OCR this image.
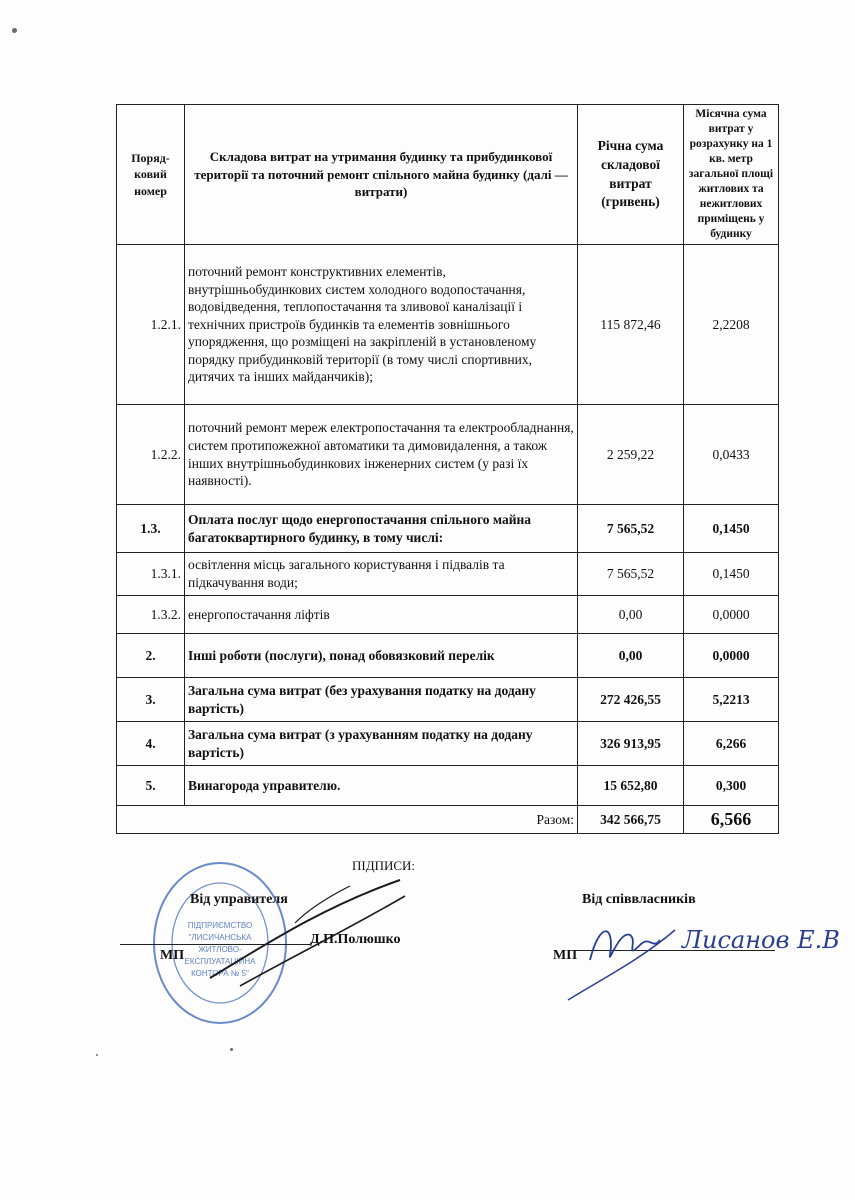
Поряд-ковий номер	Складова витрат на утримання будинку та прибудинкової території та поточний ремонт спільного майна будинку (далі — витрати)	Річна сума складової витрат (гривень)	Місячна сума витрат у розрахунку на 1 кв. метр загальної площі житлових та нежитлових приміщень у будинку
1.2.1.	поточний ремонт конструктивних елементів, внутрішньобудинкових систем холодного водопостачання, водовідведення, теплопостачання та зливової каналізації і технічних пристроїв будинків та елементів зовнішнього упорядження, що розміщені на закріпленій в установленому порядку прибудинковій території (в тому числі спортивних, дитячих та інших майданчиків);	115 872,46	2,2208
1.2.2.	поточний ремонт мереж електропостачання та електрообладнання, систем протипожежної автоматики та димовидалення, а також інших внутрішньобудинкових інженерних систем (у разі їх наявності).	2 259,22	0,0433
1.3.	Оплата послуг щодо енергопостачання спільного майна багатоквартирного будинку, в тому числі:	7 565,52	0,1450
1.3.1.	освітлення місць загального користування і підвалів та підкачування води;	7 565,52	0,1450
1.3.2.	енергопостачання ліфтів	0,00	0,0000
2.	Інші роботи (послуги), понад обовязковий перелік	0,00	0,0000
3.	Загальна сума витрат (без урахування податку на додану вартість)	272 426,55	5,2213
4.	Загальна сума витрат (з урахуванням податку на додану вартість)	326 913,95	6,266
5.	Винагорода управителю.	15 652,80	0,300
Разом:		342 566,75	6,566
ПІДПИСИ:
ПІДПРИЄМСТВО
"ЛИСИЧАНСЬКА
ЖИТЛОВО-
ЕКСПЛУАТАЦІЙНА
КОНТОРА № 5"
Від управителя
МП
Д.П.Полюшко
Від співвласників
МП
Лисанов Е.В
